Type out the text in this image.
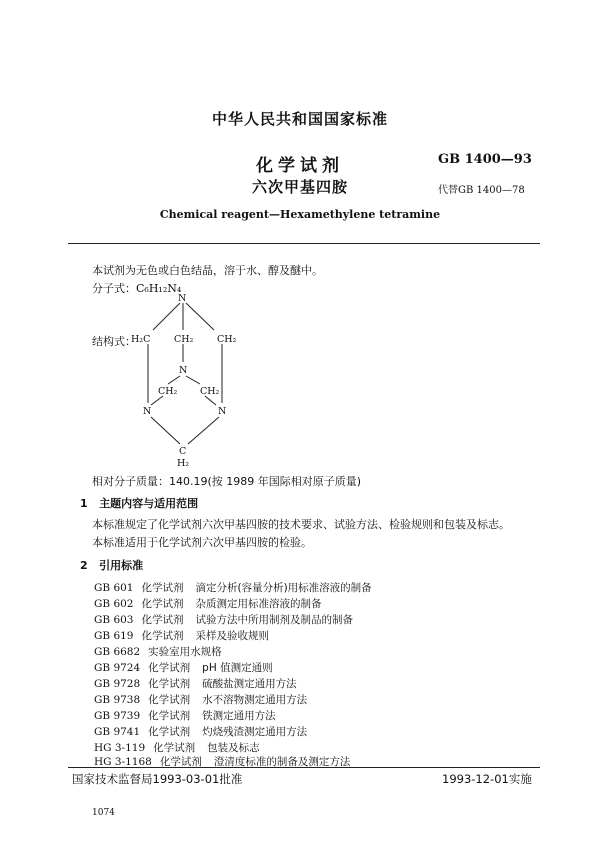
中华人民共和国国家标准
化学试剂
六次甲基四胺
GB 1400—93
代替GB 1400—78
Chemical reagent—Hexamethylene tetramine
本试剂为无色或白色结晶，溶于水、醇及醚中。
分子式：C₆H₁₂N₄
结构式：
N
H₂C CH₂ CH₂
N
CH₂ CH₂
N	N
C
H₂
相对分子质量：140.19(按 1989 年国际相对原子质量)
1 主题内容与适用范围
本标准规定了化学试剂六次甲基四胺的技术要求、试验方法、检验规则和包装及标志。
本标准适用于化学试剂六次甲基四胺的检验。
2 引用标准
GB 601 化学试剂 滴定分析(容量分析)用标准溶液的制备
GB 602 化学试剂 杂质测定用标准溶液的制备
GB 603 化学试剂 试验方法中所用制剂及制品的制备
GB 619 化学试剂 采样及验收规则
GB 6682 实验室用水规格
GB 9724 化学试剂 pH 值测定通则
GB 9728 化学试剂 硫酸盐测定通用方法
GB 9738 化学试剂 水不溶物测定通用方法
GB 9739 化学试剂 铁测定通用方法
GB 9741 化学试剂 灼烧残渣测定通用方法
HG 3-119 化学试剂 包装及标志
HG 3-1168 化学试剂 澄清度标准的制备及测定方法
国家技术监督局1993-03-01批准	1993-12-01实施
1074
